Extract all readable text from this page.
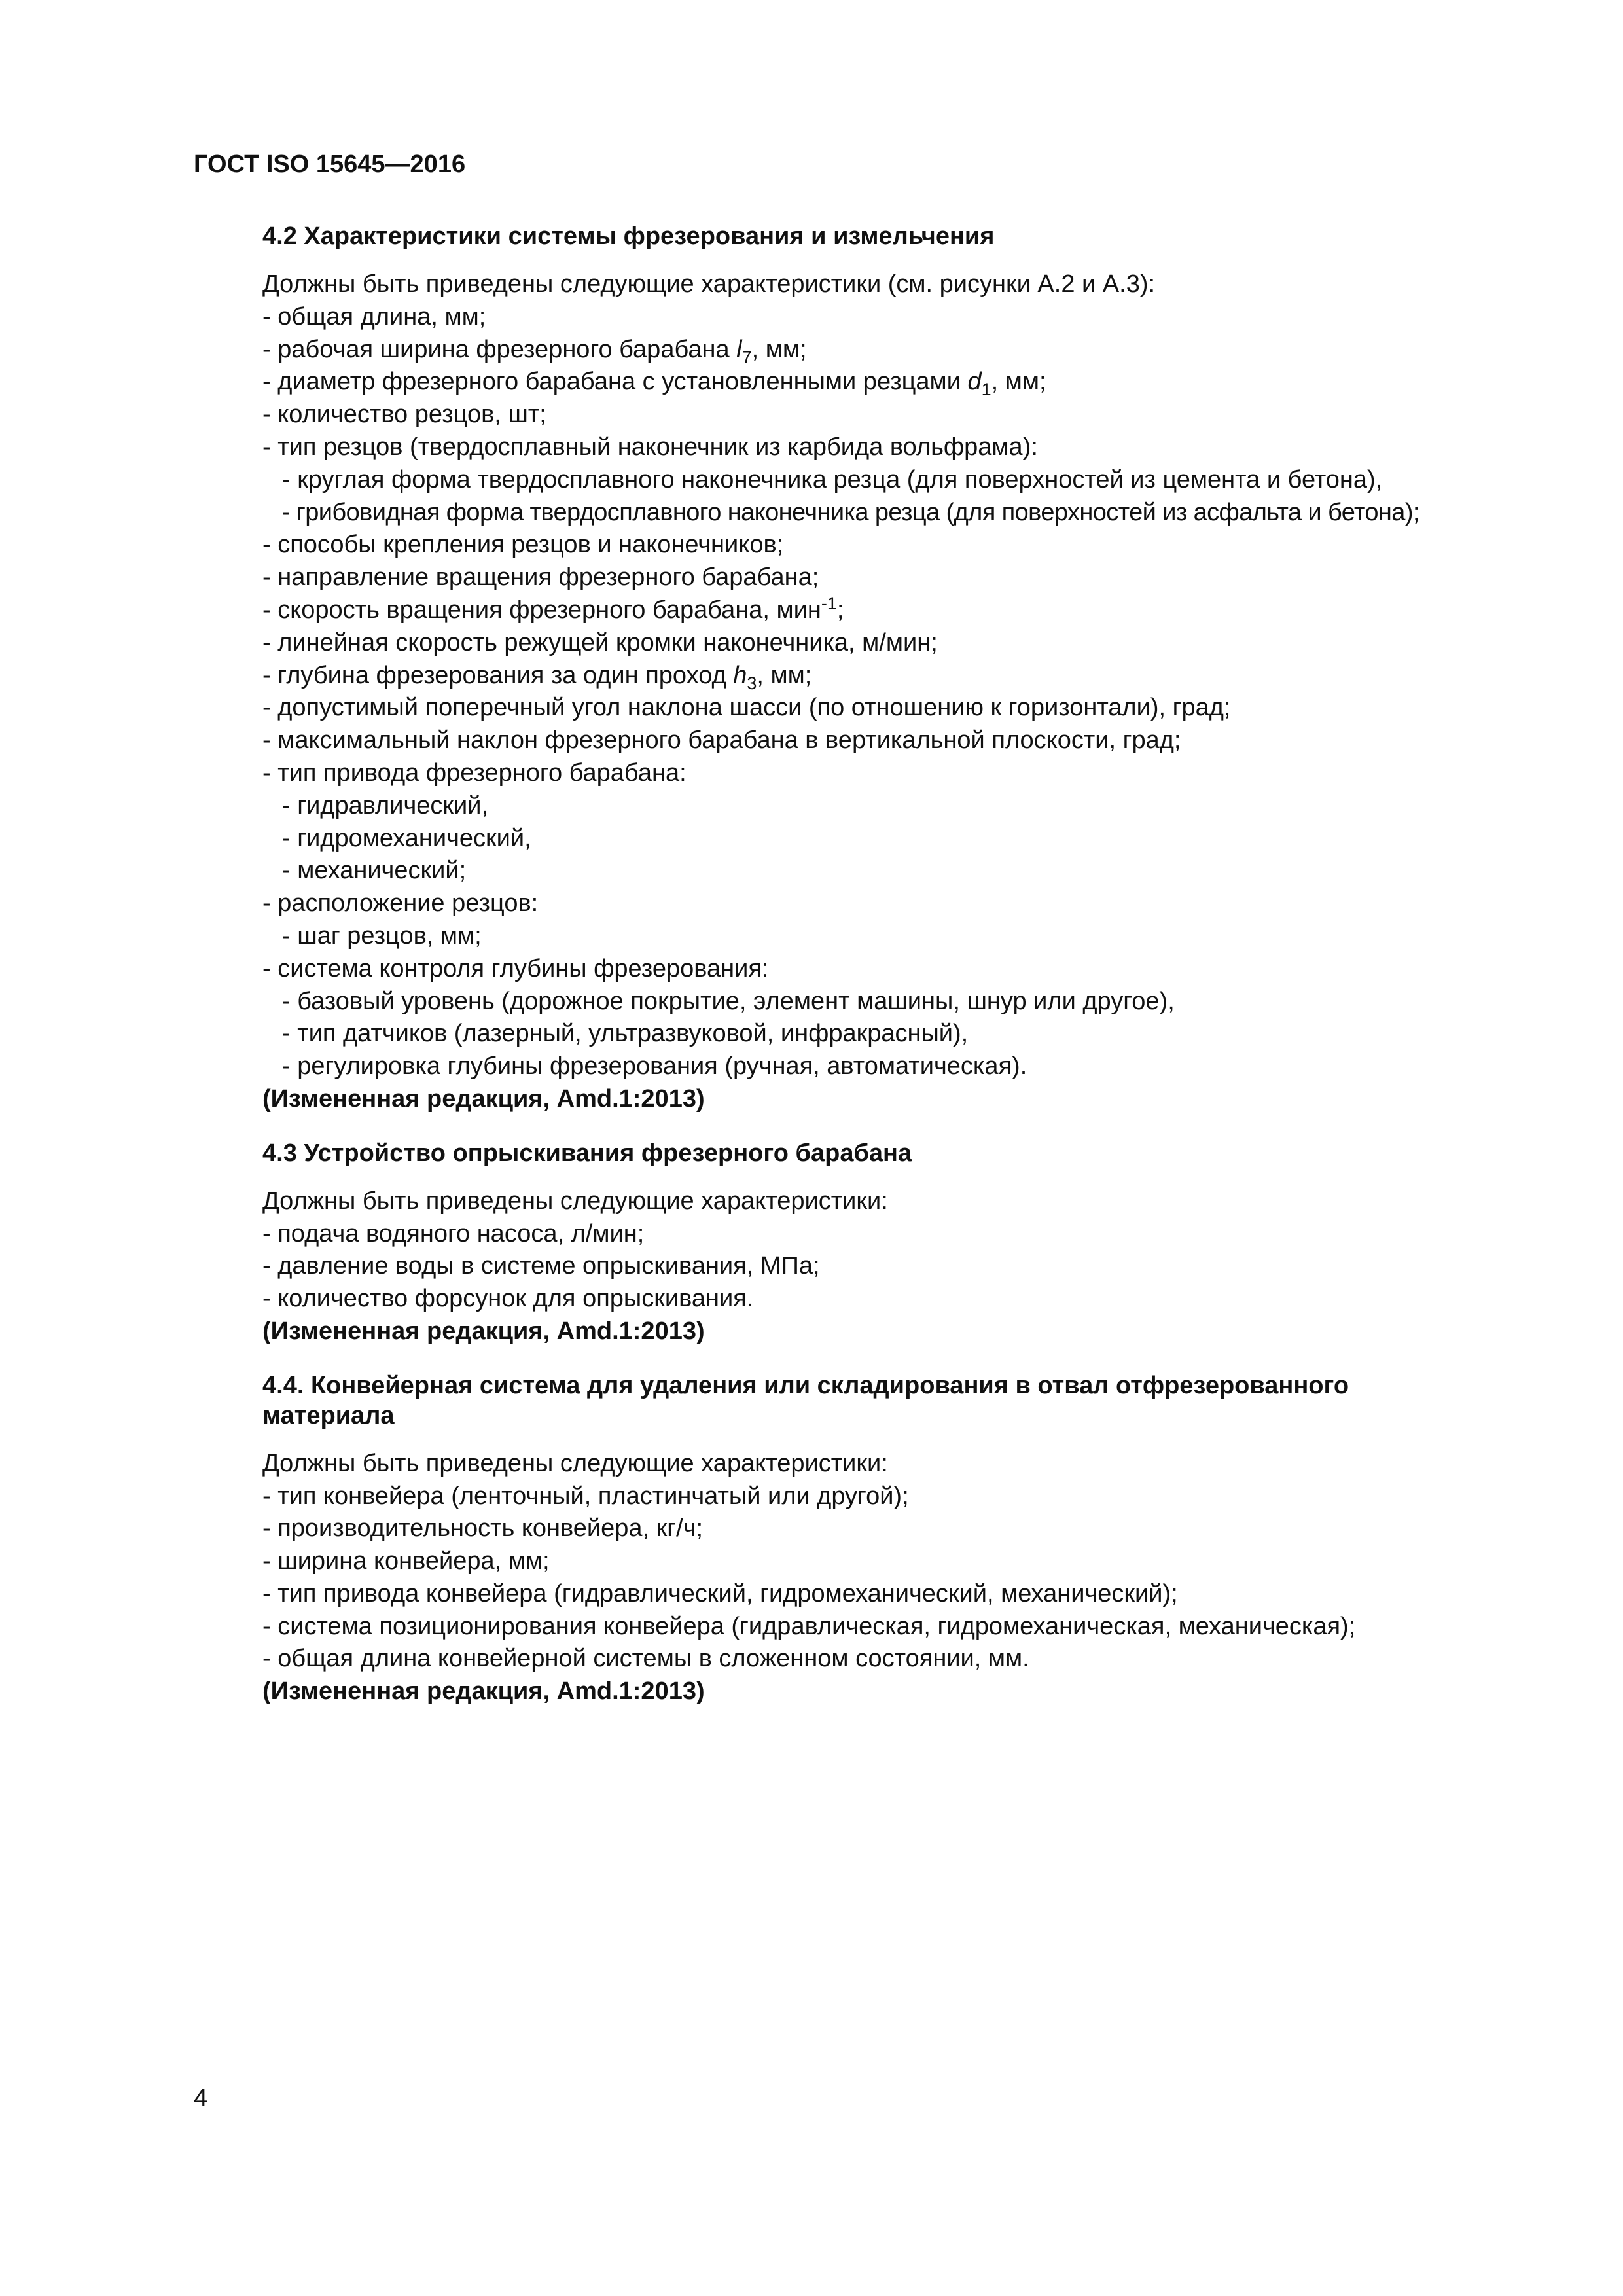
ГОСТ ISO 15645—2016
4.2 Характеристики системы фрезерования и измельчения
Должны быть приведены следующие характеристики (см. рисунки А.2 и А.3):
- общая длина, мм;
- рабочая ширина фрезерного барабана $l_7$, мм;
- диаметр фрезерного барабана с установленными резцами $d_1$, мм;
- количество резцов, шт;
- тип резцов (твердосплавный наконечник из карбида вольфрама):
- круглая форма твердосплавного наконечника резца (для поверхностей из цемента и бетона),
- грибовидная форма твердосплавного наконечника резца (для поверхностей из асфальта и бетона);
- способы крепления резцов и наконечников;
- направление вращения фрезерного барабана;
- скорость вращения фрезерного барабана, мин$^{-1}$;
- линейная скорость режущей кромки наконечника, м/мин;
- глубина фрезерования за один проход $h_3$, мм;
- допустимый поперечный угол наклона шасси (по отношению к горизонтали), град;
- максимальный наклон фрезерного барабана в вертикальной плоскости, град;
- тип привода фрезерного барабана:
- гидравлический,
- гидромеханический,
- механический;
- расположение резцов:
- шаг резцов, мм;
- система контроля глубины фрезерования:
- базовый уровень (дорожное покрытие, элемент машины, шнур или другое),
- тип датчиков (лазерный, ультразвуковой, инфракрасный),
- регулировка глубины фрезерования (ручная, автоматическая).
(Измененная редакция, Amd.1:2013)
4.3 Устройство опрыскивания фрезерного барабана
Должны быть приведены следующие характеристики:
- подача водяного насоса, л/мин;
- давление воды в системе опрыскивания, МПа;
- количество форсунок для опрыскивания.
(Измененная редакция, Amd.1:2013)
4.4. Конвейерная система для удаления или складирования в отвал отфрезерованного
материала
Должны быть приведены следующие характеристики:
- тип конвейера (ленточный, пластинчатый или другой);
- производительность конвейера, кг/ч;
- ширина конвейера, мм;
- тип привода конвейера (гидравлический, гидромеханический, механический);
- система позиционирования конвейера (гидравлическая, гидромеханическая, механическая);
- общая длина конвейерной системы в сложенном состоянии, мм.
(Измененная редакция, Amd.1:2013)
4
